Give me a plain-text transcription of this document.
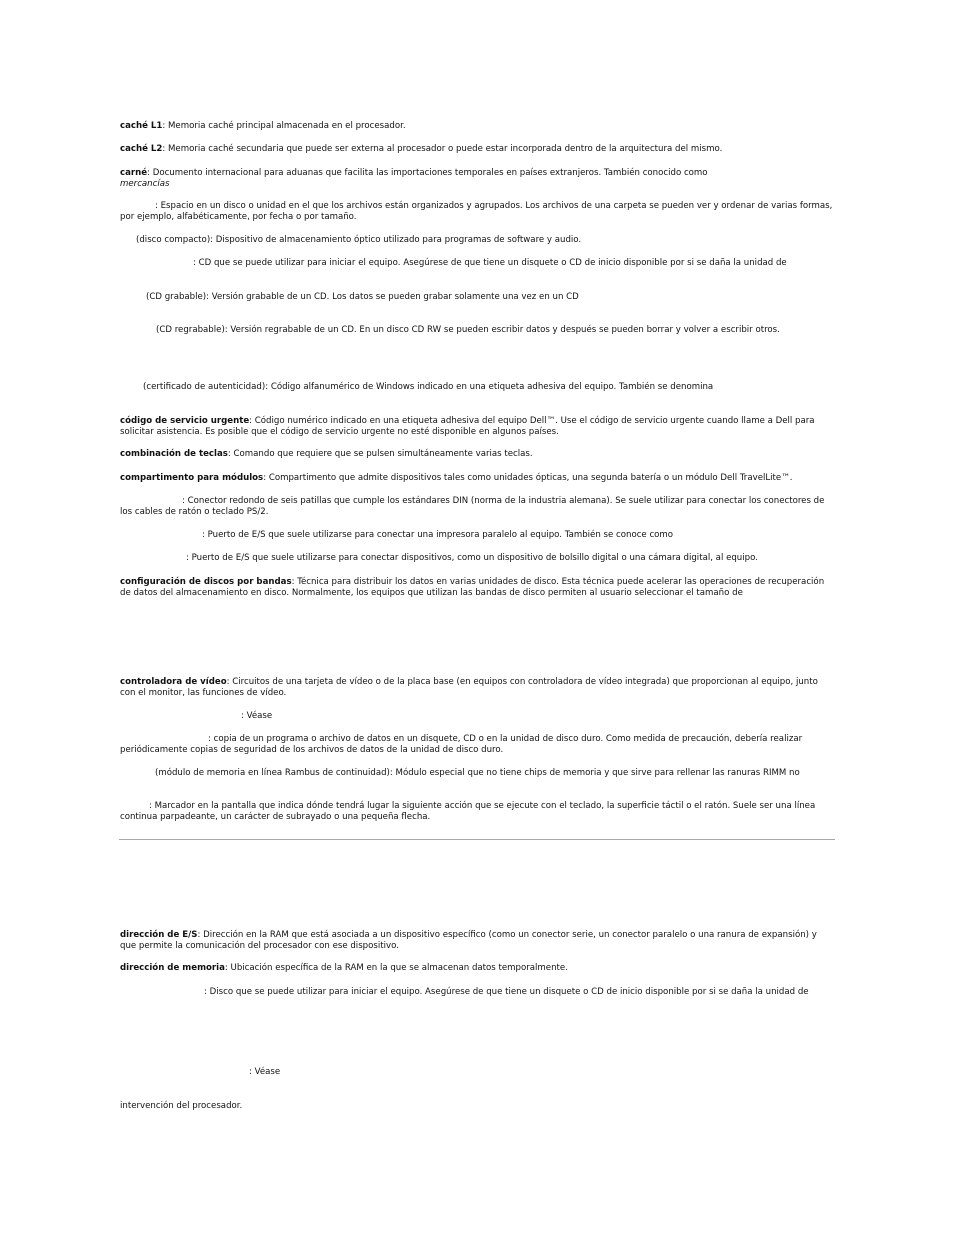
caché L1: Memoria caché principal almacenada en el procesador.

caché L2: Memoria caché secundaria que puede ser externa al procesador o puede estar incorporada dentro de la arquitectura del mismo.

carné: Documento internacional para aduanas que facilita las importaciones temporales en países extranjeros. También conocido como
mercancías

: Espacio en un disco o unidad en el que los archivos están organizados y agrupados. Los archivos de una carpeta se pueden ver y ordenar de varias formas, por ejemplo, alfabéticamente, por fecha o por tamaño.

(disco compacto): Dispositivo de almacenamiento óptico utilizado para programas de software y audio.

: CD que se puede utilizar para iniciar el equipo. Asegúrese de que tiene un disquete o CD de inicio disponible por si se daña la unidad de

(CD grabable): Versión grabable de un CD. Los datos se pueden grabar solamente una vez en un CD

(CD regrabable): Versión regrabable de un CD. En un disco CD RW se pueden escribir datos y después se pueden borrar y volver a escribir otros.

(certificado de autenticidad): Código alfanumérico de Windows indicado en una etiqueta adhesiva del equipo. También se denomina

código de servicio urgente: Código numérico indicado en una etiqueta adhesiva del equipo Dell™. Use el código de servicio urgente cuando llame a Dell para solicitar asistencia. Es posible que el código de servicio urgente no esté disponible en algunos países.

combinación de teclas: Comando que requiere que se pulsen simultáneamente varias teclas.

compartimento para módulos: Compartimento que admite dispositivos tales como unidades ópticas, una segunda batería o un módulo Dell TravelLite™.

: Conector redondo de seis patillas que cumple los estándares DIN (norma de la industria alemana). Se suele utilizar para conectar los conectores de los cables de ratón o teclado PS/2.

: Puerto de E/S que suele utilizarse para conectar una impresora paralelo al equipo. También se conoce como

: Puerto de E/S que suele utilizarse para conectar dispositivos, como un dispositivo de bolsillo digital o una cámara digital, al equipo.

configuración de discos por bandas: Técnica para distribuir los datos en varias unidades de disco. Esta técnica puede acelerar las operaciones de recuperación de datos del almacenamiento en disco. Normalmente, los equipos que utilizan las bandas de disco permiten al usuario seleccionar el tamaño de

controladora de vídeo: Circuitos de una tarjeta de vídeo o de la placa base (en equipos con controladora de vídeo integrada) que proporcionan al equipo, junto con el monitor, las funciones de vídeo.

: Véase

: copia de un programa o archivo de datos en un disquete, CD o en la unidad de disco duro. Como medida de precaución, debería realizar periódicamente copias de seguridad de los archivos de datos de la unidad de disco duro.

(módulo de memoria en línea Rambus de continuidad): Módulo especial que no tiene chips de memoria y que sirve para rellenar las ranuras RIMM no

: Marcador en la pantalla que indica dónde tendrá lugar la siguiente acción que se ejecute con el teclado, la superficie táctil o el ratón. Suele ser una línea continua parpadeante, un carácter de subrayado o una pequeña flecha.

dirección de E/S: Dirección en la RAM que está asociada a un dispositivo específico (como un conector serie, un conector paralelo o una ranura de expansión) y que permite la comunicación del procesador con ese dispositivo.

dirección de memoria: Ubicación específica de la RAM en la que se almacenan datos temporalmente.

: Disco que se puede utilizar para iniciar el equipo. Asegúrese de que tiene un disquete o CD de inicio disponible por si se daña la unidad de

: Véase

intervención del procesador.
